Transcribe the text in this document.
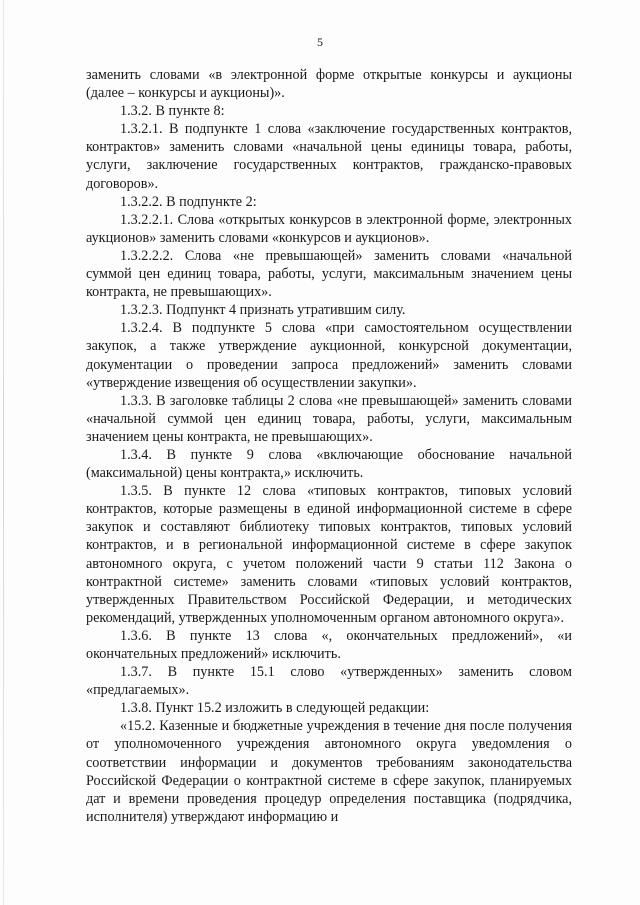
5

заменить словами «в электронной форме открытые конкурсы и аукционы (далее – конкурсы и аукционы)».

1.3.2. В пункте 8:

1.3.2.1. В подпункте 1 слова «заключение государственных контрактов, контрактов» заменить словами «начальной цены единицы товара, работы, услуги, заключение государственных контрактов, гражданско-правовых договоров».

1.3.2.2. В подпункте 2:

1.3.2.2.1. Слова «открытых конкурсов в электронной форме, электронных аукционов» заменить словами «конкурсов и аукционов».

1.3.2.2.2. Слова «не превышающей» заменить словами «начальной суммой цен единиц товара, работы, услуги, максимальным значением цены контракта, не превышающих».

1.3.2.3. Подпункт 4 признать утратившим силу.

1.3.2.4. В подпункте 5 слова «при самостоятельном осуществлении закупок, а также утверждение аукционной, конкурсной документации, документации о проведении запроса предложений» заменить словами «утверждение извещения об осуществлении закупки».

1.3.3. В заголовке таблицы 2 слова «не превышающей» заменить словами «начальной суммой цен единиц товара, работы, услуги, максимальным значением цены контракта, не превышающих».

1.3.4. В пункте 9 слова «включающие обоснование начальной (максимальной) цены контракта,» исключить.

1.3.5. В пункте 12 слова «типовых контрактов, типовых условий контрактов, которые размещены в единой информационной системе в сфере закупок и составляют библиотеку типовых контрактов, типовых условий контрактов, и в региональной информационной системе в сфере закупок автономного округа, с учетом положений части 9 статьи 112 Закона о контрактной системе» заменить словами «типовых условий контрактов, утвержденных Правительством Российской Федерации, и методических рекомендаций, утвержденных уполномоченным органом автономного округа».

1.3.6. В пункте 13 слова «, окончательных предложений», «и окончательных предложений» исключить.

1.3.7. В пункте 15.1 слово «утвержденных» заменить словом «предлагаемых».

1.3.8. Пункт 15.2 изложить в следующей редакции:

«15.2. Казенные и бюджетные учреждения в течение дня после получения от уполномоченного учреждения автономного округа уведомления о соответствии информации и документов требованиям законодательства Российской Федерации о контрактной системе в сфере закупок, планируемых дат и времени проведения процедур определения поставщика (подрядчика, исполнителя) утверждают информацию и
